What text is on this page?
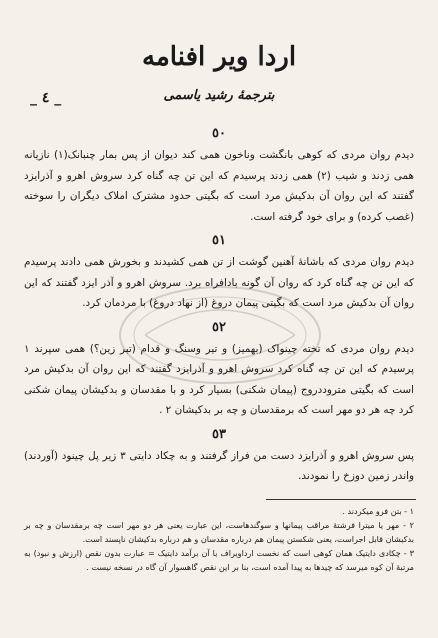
اردا ویر افنامه
بترجمهٔ رشید یاسمی
_ ٤ _
٥٠

دیدم روان مردی که کوهی بانگشت وناخون همی کند دیوان از پس بمار چنبانک(١) نازیانه همی زدند و شیب (٢) همی زدند پرسیدم که این تن چه گناه کرد سروش اهرو و آذرایزد گفتند که این روان آن بدکیش مرد است که بگیتی حدود مشترک املاک دیگران را سوخته (غصب کرده) و برای خود گرفته است.

٥١

دیدم روان مردی که باشانهٔ آهنین گوشت از تن همی کشیدند و بخورش همی دادند پرسیدم که این تن چه گناه کرد که روان آن گونه بادافراه برد. سروش اهرو و آذر ایزد گفتند که این روان آن بدکیش مرد است که بگیتی پیمان دروغ (از نهاد دروغ) با مردمان کرد.

٥٢

دیدم روان مردی که تخته چینواک (بهمیز) و تیر وسنگ و قدام (تبر زین؟) همی سپرند ١ پرسیدم که این تن چه گناه کرد سروش اهرو و آذرایزد گفتند که این روان آن بدکیش مرد است که بگیتی متروددروج (پیمان شکنی) بسیار کرد و با مقدسان و بدکیشان پیمان شکنی کرد چه هر دو مهر است که برمقدسان و چه بر بدکیشان ٢ .

٥٣

پس سروش اهرو و آذرایزد دست من فراز گرفتند و به چکاد دایتی ٣ زیر پل چینود (آوردند) واندر زمین دوزخ را نمودند.

١ - بتن فرو میکردند .
٢ - مهر یا میترا فرشتهٔ مراقب پیمانها و سوگندهاست، این عبارت یعنی هر دو مهر است چه برمقدسان و چه بر بدکیشان قابل اجراست، یعنی شکستن پیمان هم درباره مقدسان و هم درباره بدکیشان ناپسند است.
٣ - چکادی دایتیک همان کوهی است که نخست ارداویراف با آن برآمد دایتیک = عبارت بدون نقص (ارزش و نبود) به مرتبهٔ آن کوه میرسد که چیدها به پیدا آمده است، بنا بر این نقص گاهسوار آن گاه در نسخه نیست .
